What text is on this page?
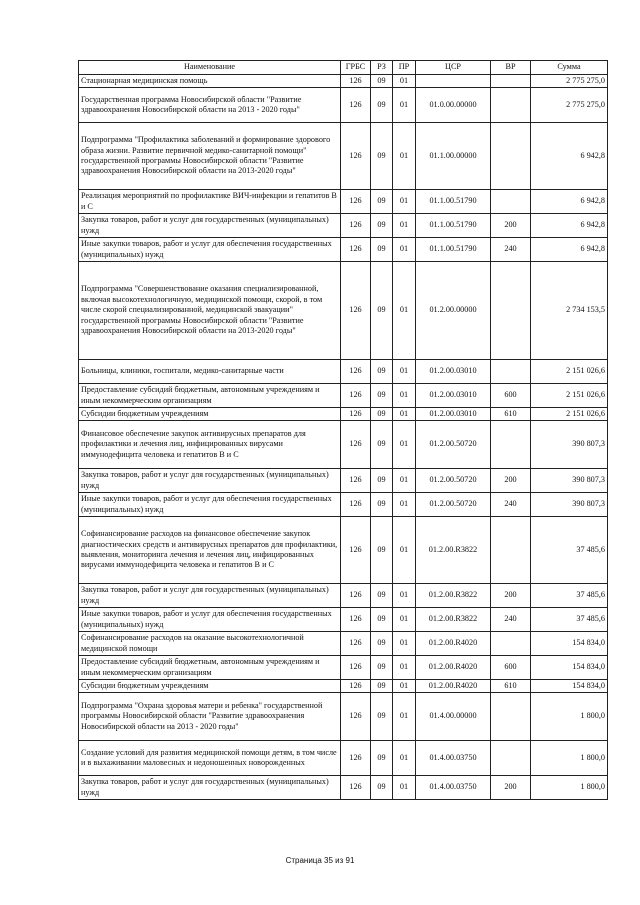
Наименование	ГРБС	РЗ	ПР	ЦСР	ВР	Сумма
Стационарная медицинская помощь	126	09	01			2 775 275,0
Государственная программа Новосибирской области "Развитие здравоохранения Новосибирской области на 2013 - 2020 годы"	126	09	01	01.0.00.00000		2 775 275,0
Подпрограмма "Профилактика заболеваний и формирование здорового образа жизни. Развитие первичной медико-санитарной помощи" государственной программы Новосибирской области "Развитие здравоохранения Новосибирской области на 2013-2020 годы"	126	09	01	01.1.00.00000		6 942,8
Реализация мероприятий по профилактике ВИЧ-инфекции и гепатитов В и С	126	09	01	01.1.00.51790		6 942,8
Закупка товаров, работ и услуг для государственных (муниципальных) нужд	126	09	01	01.1.00.51790	200	6 942,8
Иные закупки товаров, работ и услуг для обеспечения государственных (муниципальных) нужд	126	09	01	01.1.00.51790	240	6 942,8
Подпрограмма "Совершенствование оказания специализированной, включая высокотехнологичную, медицинской помощи, скорой, в том числе скорой специализированной, медицинской эвакуации" государственной программы Новосибирской области "Развитие здравоохранения Новосибирской области на 2013-2020 годы"	126	09	01	01.2.00.00000		2 734 153,5
Больницы, клиники, госпитали, медико-санитарные части	126	09	01	01.2.00.03010		2 151 026,6
Предоставление субсидий бюджетным, автономным учреждениям и иным некоммерческим организациям	126	09	01	01.2.00.03010	600	2 151 026,6
Субсидии бюджетным учреждениям	126	09	01	01.2.00.03010	610	2 151 026,6
Финансовое обеспечение закупок антивирусных препаратов для профилактики и лечения лиц, инфицированных вирусами иммунодефицита человека и гепатитов В и С	126	09	01	01.2.00.50720		390 807,3
Закупка товаров, работ и услуг для государственных (муниципальных) нужд	126	09	01	01.2.00.50720	200	390 807,3
Иные закупки товаров, работ и услуг для обеспечения государственных (муниципальных) нужд	126	09	01	01.2.00.50720	240	390 807,3
Софинансирование расходов на финансовое обеспечение закупок диагностических средств и антивирусных препаратов для профилактики, выявления, мониторинга лечения и лечения лиц, инфицированных вирусами иммунодефицита человека и гепатитов В и С	126	09	01	01.2.00.R3822		37 485,6
Закупка товаров, работ и услуг для государственных (муниципальных) нужд	126	09	01	01.2.00.R3822	200	37 485,6
Иные закупки товаров, работ и услуг для обеспечения государственных (муниципальных) нужд	126	09	01	01.2.00.R3822	240	37 485,6
Софинансирование расходов на оказание высокотехнологичной медицинской помощи	126	09	01	01.2.00.R4020		154 834,0
Предоставление субсидий бюджетным, автономным учреждениям и иным некоммерческим организациям	126	09	01	01.2.00.R4020	600	154 834,0
Субсидии бюджетным учреждениям	126	09	01	01.2.00.R4020	610	154 834,0
Подпрограмма "Охрана здоровья матери и ребенка" государственной программы Новосибирской области "Развитие здравоохранения Новосибирской области на 2013 - 2020 годы"	126	09	01	01.4.00.00000		1 800,0
Создание условий для развития медицинской помощи детям, в том числе и в выхаживании маловесных и недоношенных новорожденных	126	09	01	01.4.00.03750		1 800,0
Закупка товаров, работ и услуг для государственных (муниципальных) нужд	126	09	01	01.4.00.03750	200	1 800,0
Страница 35 из 91
